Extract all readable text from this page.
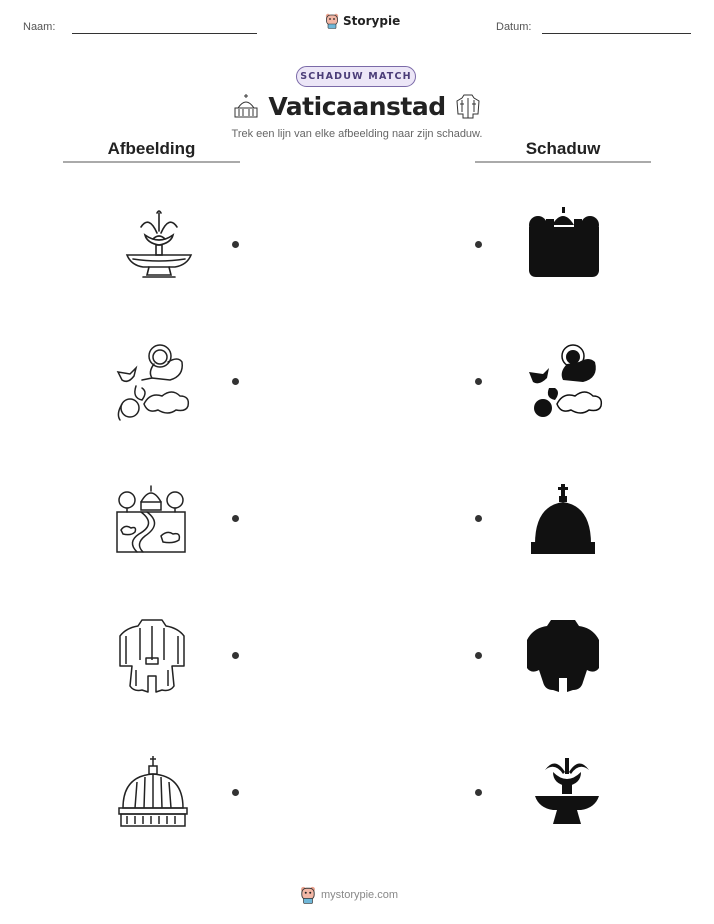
Naam:	Storypie	Datum:
SCHADUW MATCH
Vaticaanstad
Trek een lijn van elke afbeelding naar zijn schaduw.
Afbeelding	Schaduw
mystorypie.com
